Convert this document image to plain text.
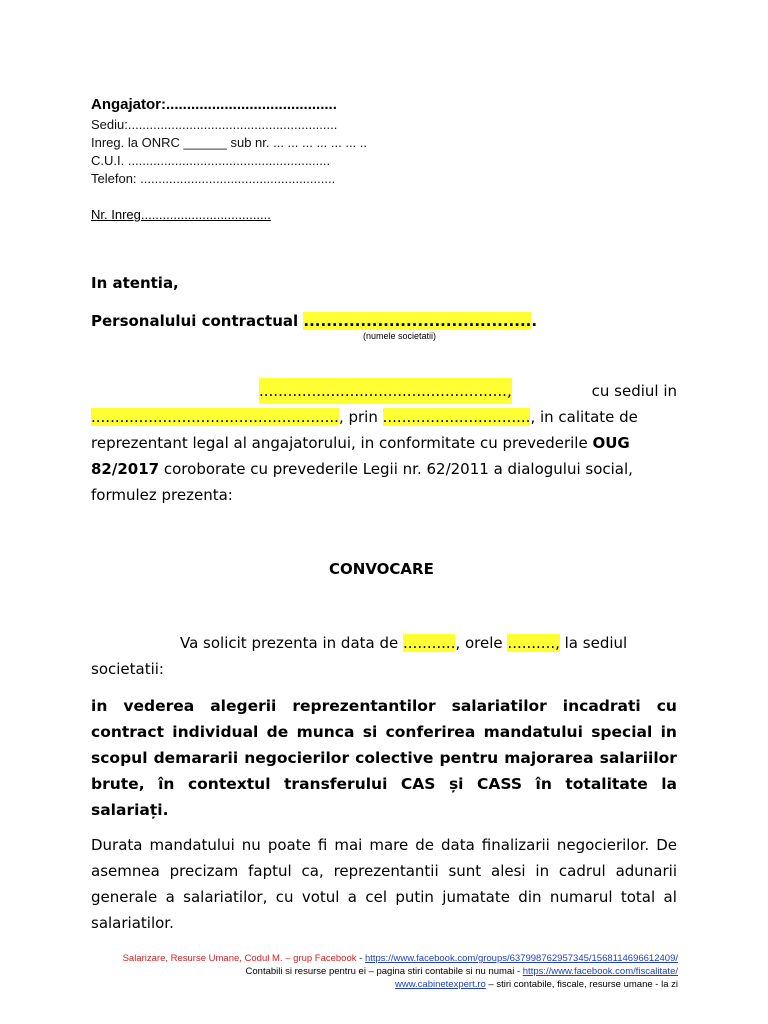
Angajator:.........................................
Sediu:..........................................................
Inreg. la ONRC ______ sub nr. ... ... ... ... ... ... ..
C.U.I. ........................................................
Telefon: ......................................................
Nr. Inreg....................................
In atentia,
Personalului contractual .........................................
(numele societatii)
....................................................,	cu sediul in
...................................................., prin ..............................., in calitate de
reprezentant legal al angajatorului, in conformitate cu prevederile OUG
82/2017 coroborate cu prevederile Legii nr. 62/2011 a dialogului social,
formulez prezenta:
CONVOCARE
Va solicit prezenta in data de ..........., orele .........., la sediul
societatii:
in vederea alegerii reprezentantilor salariatilor incadrati cu
contract individual de munca si conferirea mandatului special in
scopul demararii negocierilor colective pentru majorarea salariilor
brute, în contextul transferului CAS și CASS în totalitate la
salariați.
Durata mandatului nu poate fi mai mare de data finalizarii negocierilor. De
asemnea precizam faptul ca, reprezentantii sunt alesi in cadrul adunarii
generale a salariatilor, cu votul a cel putin jumatate din numarul total al
salariatilor.
Salarizare, Resurse Umane, Codul M. – grup Facebook - https://www.facebook.com/groups/637998762957345/1568114696612409/
Contabili si resurse pentru ei – pagina stiri contabile si nu numai - https://www.facebook.com/fiscalitate/
www.cabinetexpert.ro – stiri contabile, fiscale, resurse umane - la zi
